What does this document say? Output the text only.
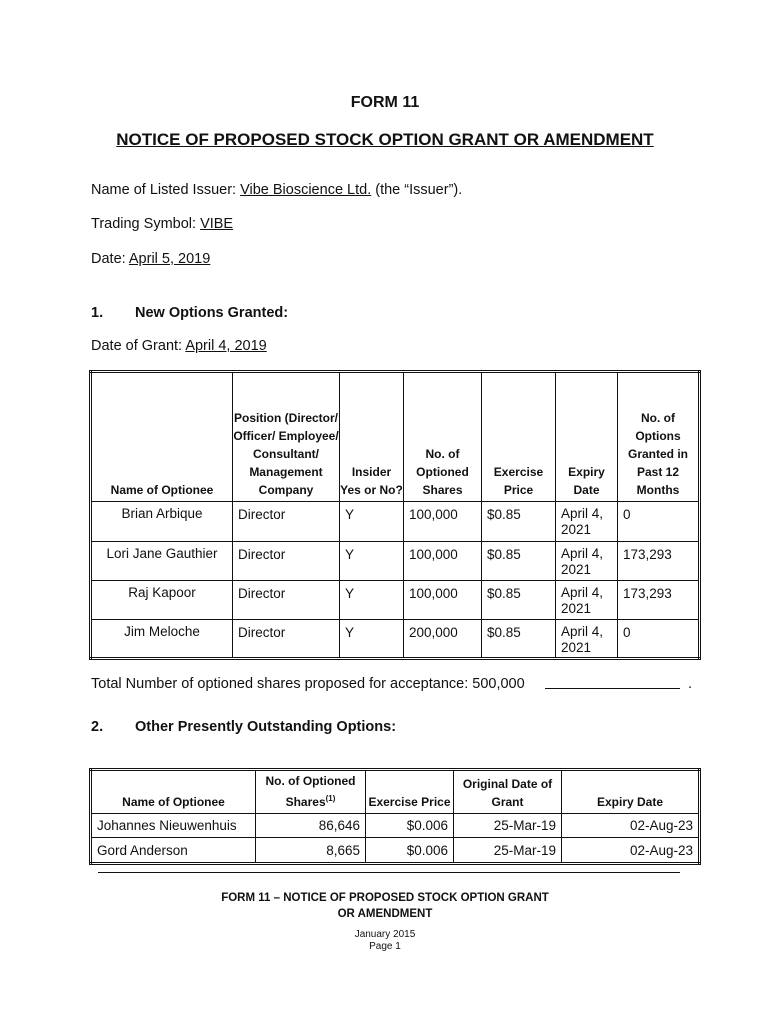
FORM 11
NOTICE OF PROPOSED STOCK OPTION GRANT OR AMENDMENT
Name of Listed Issuer: Vibe Bioscience Ltd. (the “Issuer”).
Trading Symbol: VIBE
Date: April 5, 2019
1. New Options Granted:
Date of Grant: April 4, 2019
Name of Optionee	Position (Director/ Officer/ Employee/ Consultant/ Management Company	Insider Yes or No?	No. of Optioned Shares	Exercise Price	Expiry Date	No. of Options Granted in Past 12 Months
Brian Arbique	Director	Y	100,000	$0.85	April 4, 2021	0
Lori Jane Gauthier	Director	Y	100,000	$0.85	April 4, 2021	173,293
Raj Kapoor	Director	Y	100,000	$0.85	April 4, 2021	173,293
Jim Meloche	Director	Y	200,000	$0.85	April 4, 2021	0
Total Number of optioned shares proposed for acceptance: 500,000	.
2. Other Presently Outstanding Options:
Name of Optionee	No. of Optioned Shares$^{(1)}$	Exercise Price	Original Date of Grant	Expiry Date
Johannes Nieuwenhuis	86,646	$0.006	25-Mar-19	02-Aug-23
Gord Anderson	8,665	$0.006	25-Mar-19	02-Aug-23
FORM 11 – NOTICE OF PROPOSED STOCK OPTION GRANT
OR AMENDMENT
January 2015
Page 1
